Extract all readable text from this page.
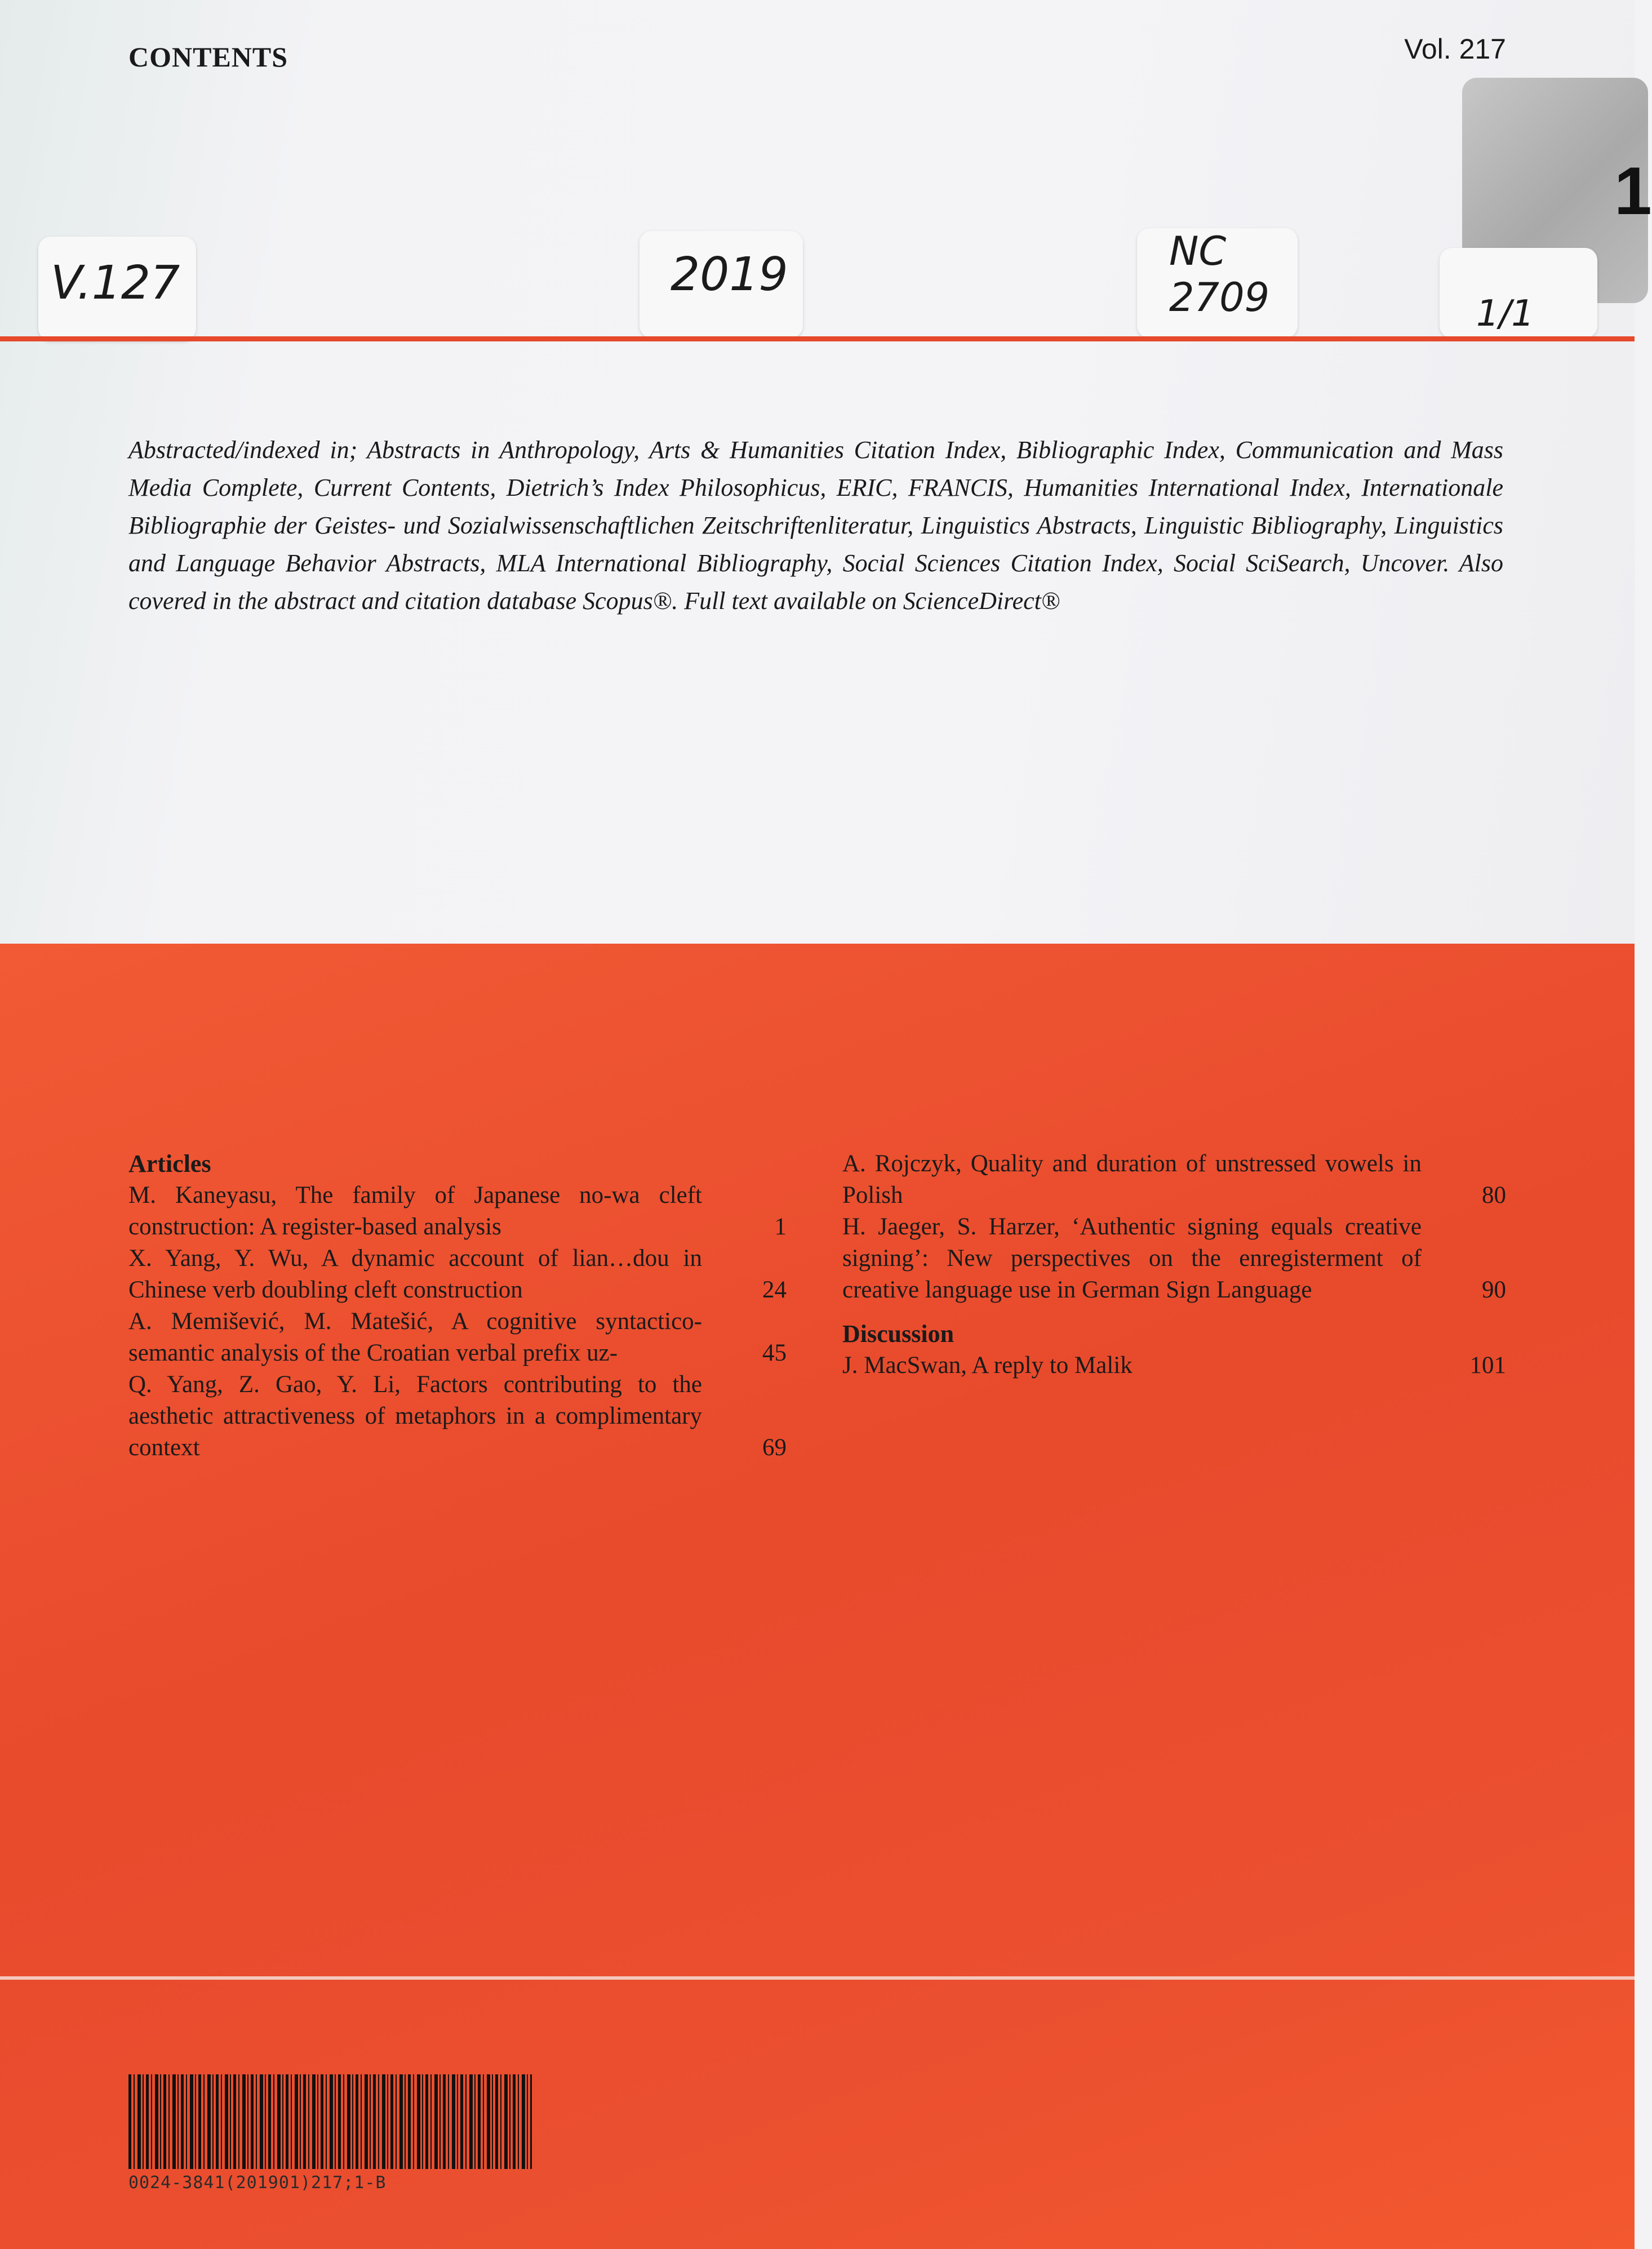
CONTENTS	Vol. 217
1
V.127	2019	NC
2709	1/1

Abstracted/indexed in; Abstracts in Anthropology, Arts & Humanities Citation Index, Bibliographic Index, Communication and Mass Media Complete, Current Contents, Dietrich’s Index Philosophicus, ERIC, FRANCIS, Humanities International Index, Internationale Bibliographie der Geistes- und Sozialwissenschaftlichen Zeitschriftenliteratur, Linguistics Abstracts, Linguistic Bibliography, Linguistics and Language Behavior Abstracts, MLA International Bibliography, Social Sciences Citation Index, Social SciSearch, Uncover. Also covered in the abstract and citation database Scopus®. Full text available on ScienceDirect®

Articles
M. Kaneyasu, The family of Japanese no-wa cleft construction: A register-based analysis	1
X. Yang, Y. Wu, A dynamic account of lian…dou in Chinese verb doubling cleft construction	24
A. Memišević, M. Matešić, A cognitive syntactico-semantic analysis of the Croatian verbal prefix uz-	45
Q. Yang, Z. Gao, Y. Li, Factors contributing to the aesthetic attractiveness of metaphors in a complimentary context	69
A. Rojczyk, Quality and duration of unstressed vowels in Polish	80
H. Jaeger, S. Harzer, ‘Authentic signing equals creative signing’: New perspectives on the enregisterment of creative language use in German Sign Language	90
Discussion
J. MacSwan, A reply to Malik	101
0024-3841(201901)217;1-B
